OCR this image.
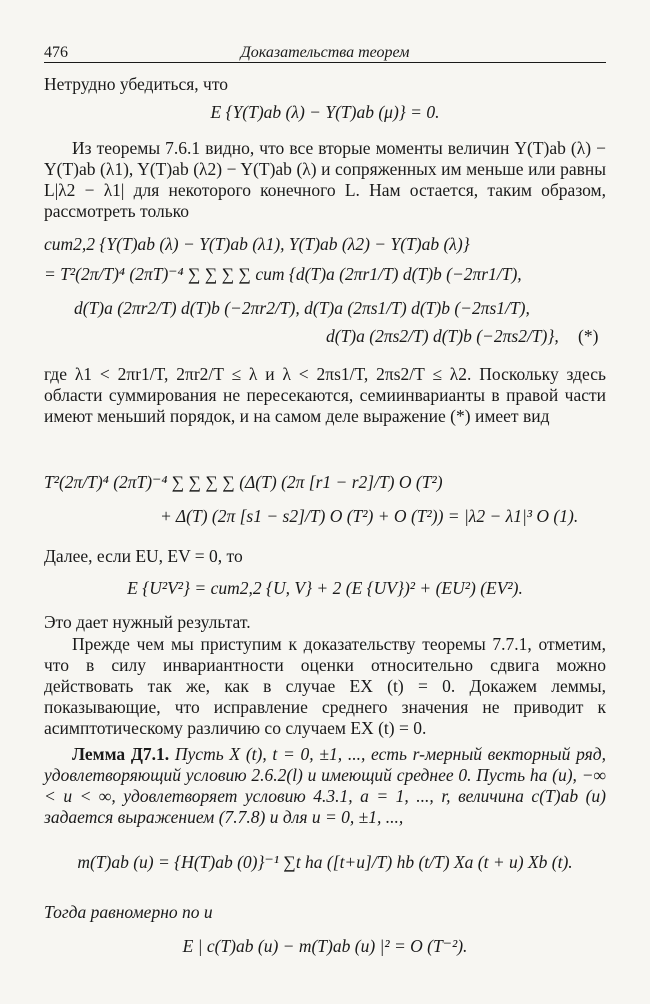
476	Доказательства теорем
Нетрудно убедиться, что
E {Y(T)ab (λ) − Y(T)ab (μ)} = 0.
Из теоремы 7.6.1 видно, что все вторые моменты величин Y(T)ab (λ) − Y(T)ab (λ1), Y(T)ab (λ2) − Y(T)ab (λ) и сопряженных им меньше или равны L|λ2 − λ1| для некоторого конечного L. Нам остается, таким образом, рассмотреть только
cum2,2 {Y(T)ab (λ) − Y(T)ab (λ1), Y(T)ab (λ2) − Y(T)ab (λ)}
= T²(2π/T)⁴ (2πT)⁻⁴ ∑ ∑ ∑ ∑ cum {d(T)a (2πr1/T) d(T)b (−2πr1/T),
d(T)a (2πr2/T) d(T)b (−2πr2/T), d(T)a (2πs1/T) d(T)b (−2πs1/T),
d(T)a (2πs2/T) d(T)b (−2πs2/T)}, (*)
где λ1 < 2πr1/T, 2πr2/T ≤ λ и λ < 2πs1/T, 2πs2/T ≤ λ2. Поскольку здесь области суммирования не пересекаются, семиинварианты в правой части имеют меньший порядок, и на самом деле выражение (*) имеет вид
T²(2π/T)⁴ (2πT)⁻⁴ ∑ ∑ ∑ ∑ (Δ(T) (2π [r1 − r2]/T) O (T²)
+ Δ(T) (2π [s1 − s2]/T) O (T²) + O (T²)) = |λ2 − λ1|³ O (1).
Далее, если EU, EV = 0, то
E {U²V²} = cum2,2 {U, V} + 2 (E {UV})² + (EU²) (EV²).
Это дает нужный результат.
Прежде чем мы приступим к доказательству теоремы 7.7.1, отметим, что в силу инвариантности оценки относительно сдвига можно действовать так же, как в случае EX (t) = 0. Докажем леммы, показывающие, что исправление среднего значения не приводит к асимптотическому различию со случаем EX (t) = 0.
Лемма Д7.1. Пусть X (t), t = 0, ±1, ..., есть r-мерный векторный ряд, удовлетворяющий условию 2.6.2(l) и имеющий среднее 0. Пусть ha (u), −∞ < u < ∞, удовлетворяет условию 4.3.1, a = 1, ..., r, величина c(T)ab (u) задается выражением (7.7.8) и для u = 0, ±1, ...,
m(T)ab (u) = {H(T)ab (0)}⁻¹ ∑t ha ([t+u]/T) hb (t/T) Xa (t + u) Xb (t).
Тогда равномерно по u
E | c(T)ab (u) − m(T)ab (u) |² = O (T⁻²).
